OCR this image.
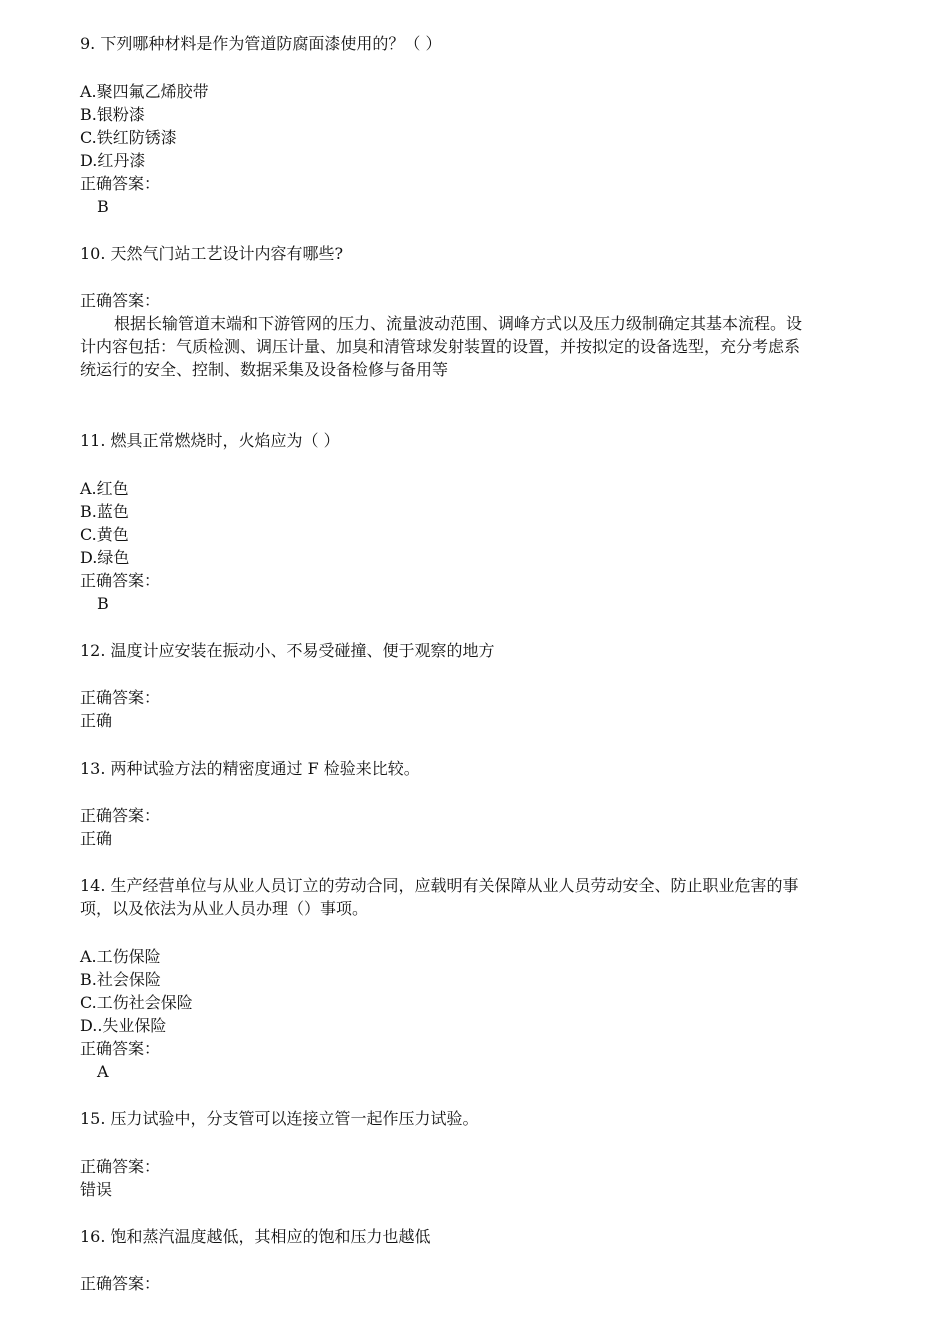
9. 下列哪种材料是作为管道防腐面漆使用的？（ ）
A.聚四氟乙烯胶带
B.银粉漆
C.铁红防锈漆
D.红丹漆
正确答案：
B
10. 天然气门站工艺设计内容有哪些?
正确答案：
根据长输管道末端和下游管网的压力、流量波动范围、调峰方式以及压力级制确定其基本流程。设
计内容包括：气质检测、调压计量、加臭和清管球发射装置的设置，并按拟定的设备选型，充分考虑系
统运行的安全、控制、数据采集及设备检修与备用等
11. 燃具正常燃烧时，火焰应为（ ）
A.红色
B.蓝色
C.黄色
D.绿色
正确答案：
B
12. 温度计应安装在振动小、不易受碰撞、便于观察的地方
正确答案：
正确
13. 两种试验方法的精密度通过 F 检验来比较。
正确答案：
正确
14. 生产经营单位与从业人员订立的劳动合同，应载明有关保障从业人员劳动安全、防止职业危害的事
项，以及依法为从业人员办理（）事项。
A.工伤保险
B.社会保险
C.工伤社会保险
D..失业保险
正确答案：
A
15. 压力试验中，分支管可以连接立管一起作压力试验。
正确答案：
错误
16. 饱和蒸汽温度越低，其相应的饱和压力也越低
正确答案：
